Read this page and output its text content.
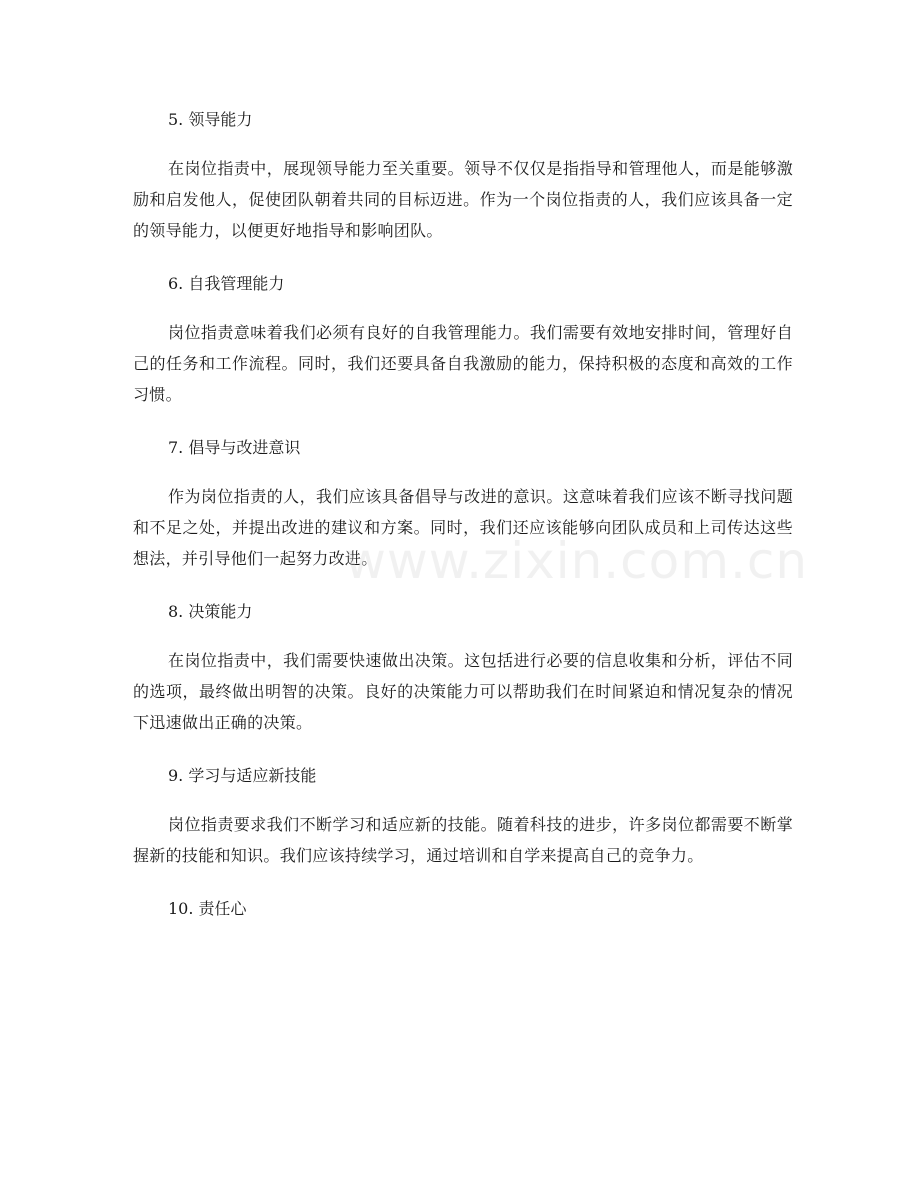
5. 领导能力

在岗位指责中，展现领导能力至关重要。领导不仅仅是指指导和管理他人，而是能够激励和启发他人，促使团队朝着共同的目标迈进。作为一个岗位指责的人，我们应该具备一定的领导能力，以便更好地指导和影响团队。

6. 自我管理能力

岗位指责意味着我们必须有良好的自我管理能力。我们需要有效地安排时间，管理好自己的任务和工作流程。同时，我们还要具备自我激励的能力，保持积极的态度和高效的工作习惯。

7. 倡导与改进意识

作为岗位指责的人，我们应该具备倡导与改进的意识。这意味着我们应该不断寻找问题和不足之处，并提出改进的建议和方案。同时，我们还应该能够向团队成员和上司传达这些想法，并引导他们一起努力改进。

8. 决策能力

在岗位指责中，我们需要快速做出决策。这包括进行必要的信息收集和分析，评估不同的选项，最终做出明智的决策。良好的决策能力可以帮助我们在时间紧迫和情况复杂的情况下迅速做出正确的决策。

9. 学习与适应新技能

岗位指责要求我们不断学习和适应新的技能。随着科技的进步，许多岗位都需要不断掌握新的技能和知识。我们应该持续学习，通过培训和自学来提高自己的竞争力。

10. 责任心

www.zixin.com.cn
